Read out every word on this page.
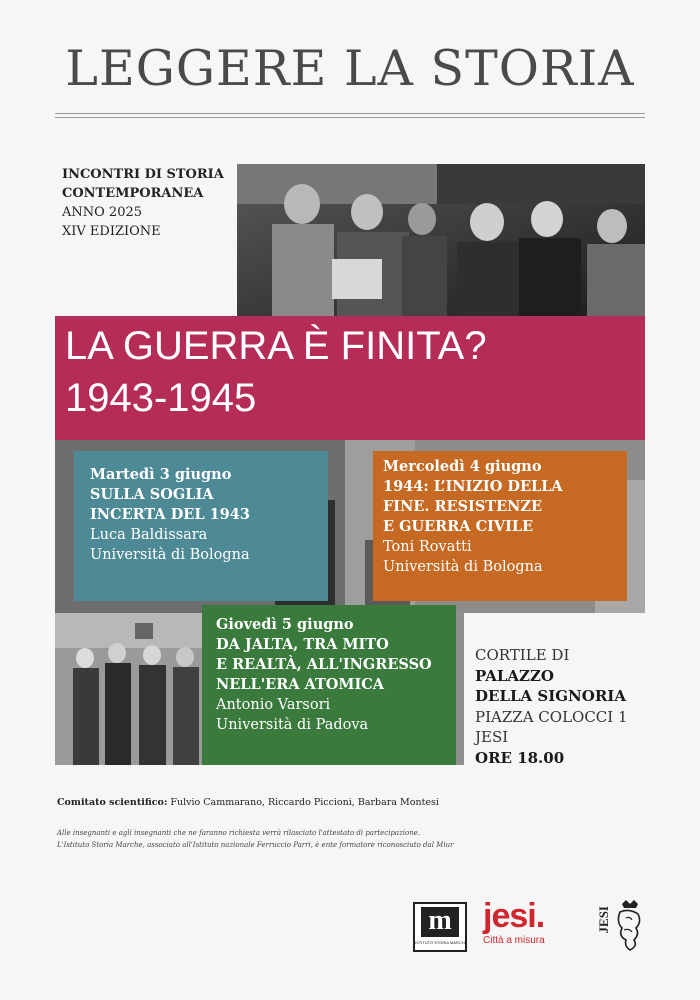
LEGGERE LA STORIA
INCONTRI DI STORIA
CONTEMPORANEA
ANNO 2025
XIV EDIZIONE
LA GUERRA È FINITA?
1943-1945
Martedì 3 giugno
SULLA SOGLIA
INCERTA DEL 1943
Luca Baldissara
Università di Bologna
Mercoledì 4 giugno
1944: L’INIZIO DELLA
FINE. RESISTENZE
E GUERRA CIVILE
Toni Rovatti
Università di Bologna
Giovedì 5 giugno
DA JALTA, TRA MITO
E REALTÀ, ALL'INGRESSO
NELL'ERA ATOMICA
Antonio Varsori
Università di Padova
CORTILE DI
PALAZZO
DELLA SIGNORIA
PIAZZA COLOCCI 1
JESI
ORE 18.00
Comitato scientifico: Fulvio Cammarano, Riccardo Piccioni, Barbara Montesi
Alle insegnanti e agli insegnanti che ne faranno richiesta verrà rilasciato l'attestato di partecipazione.
L'Istituto Storia Marche, associato all'Istituto nazionale Ferruccio Parri, è ente formatore riconosciuto dal Miur
m
ISTITUTO STORIA MARCHE
jesi.
Città a misura
JESI
